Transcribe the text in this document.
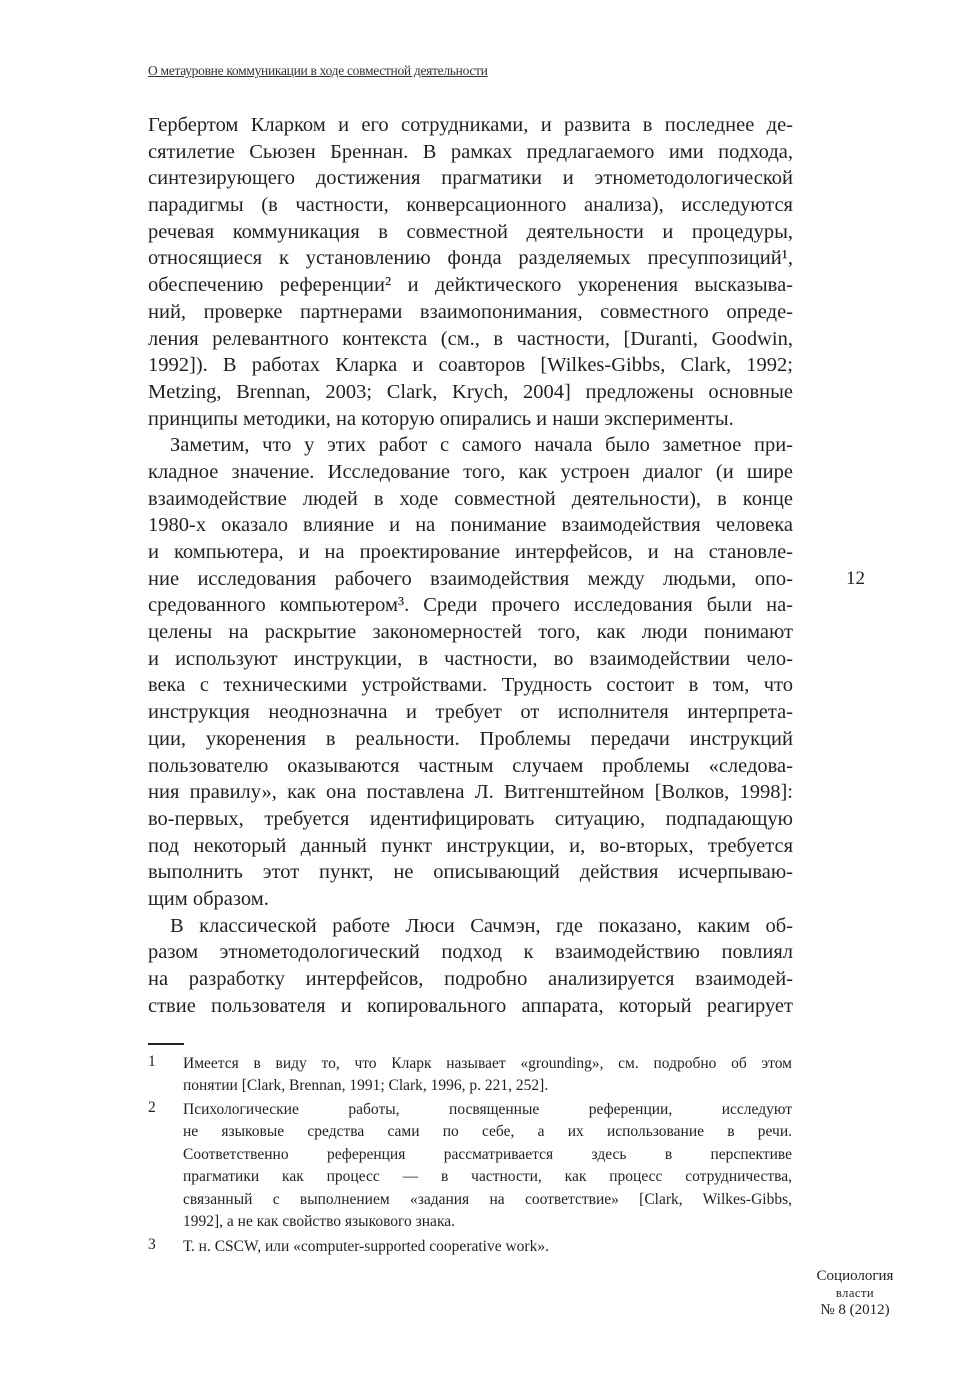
О метауровне коммуникации в ходе совместной деятельности
Гербертом Кларком и его сотрудниками, и развита в последнее де-
сятилетие Сьюзен Бреннан. В рамках предлагаемого ими подхода,
синтезирующего достижения прагматики и этнометодологической
парадигмы (в частности, конверсационного анализа), исследуются
речевая коммуникация в совместной деятельности и процедуры,
относящиеся к установлению фонда разделяемых пресуппозиций¹,
обеспечению референции² и дейктического укоренения высказыва-
ний, проверке партнерами взаимопонимания, совместного опреде-
ления релевантного контекста (см., в частности, [Duranti, Goodwin,
1992]). В работах Кларка и соавторов [Wilkes-Gibbs, Clark, 1992;
Metzing, Brennan, 2003; Clark, Krych, 2004] предложены основные
принципы методики, на которую опирались и наши эксперименты.
Заметим, что у этих работ с самого начала было заметное при-
кладное значение. Исследование того, как устроен диалог (и шире
взаимодействие людей в ходе совместной деятельности), в конце
1980-х оказало влияние и на понимание взаимодействия человека
и компьютера, и на проектирование интерфейсов, и на становле-
ние исследования рабочего взаимодействия между людьми, опо-
средованного компьютером³. Среди прочего исследования были на-
целены на раскрытие закономерностей того, как люди понимают
и используют инструкции, в частности, во взаимодействии чело-
века с техническими устройствами. Трудность состоит в том, что
инструкция неоднозначна и требует от исполнителя интерпрета-
ции, укоренения в реальности. Проблемы передачи инструкций
пользователю оказываются частным случаем проблемы «следова-
ния правилу», как она поставлена Л. Витгенштейном [Волков, 1998]:
во-первых, требуется идентифицировать ситуацию, подпадающую
под некоторый данный пункт инструкции, и, во-вторых, требуется
выполнить этот пункт, не описывающий действия исчерпываю-
щим образом.
В классической работе Люси Сачмэн, где показано, каким об-
разом этнометодологический подход к взаимодействию повлиял
на разработку интерфейсов, подробно анализируется взаимодей-
ствие пользователя и копировального аппарата, который реагирует
12
1 Имеется в виду то, что Кларк называет «grounding», см. подробно об этом
понятии [Clark, Brennan, 1991; Clark, 1996, p. 221, 252].
2 Психологические работы, посвященные референции, исследуют
не языковые средства сами по себе, а их использование в речи.
Соответственно референция рассматривается здесь в перспективе
прагматики как процесс — в частности, как процесс сотрудничества,
связанный с выполнением «задания на соответствие» [Clark, Wilkes-Gibbs,
1992], а не как свойство языкового знака.
3 Т. н. CSCW, или «computer-supported cooperative work».
Социология
власти
№ 8 (2012)
